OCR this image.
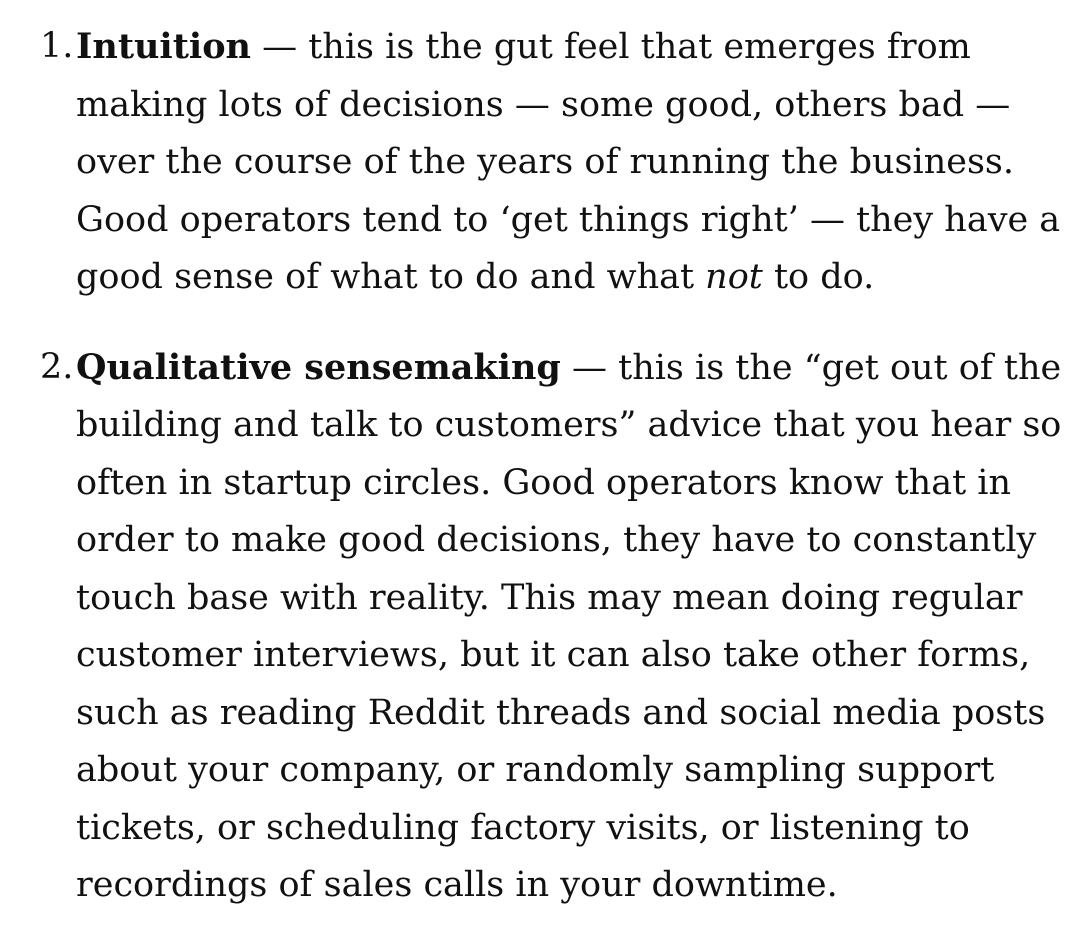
1. Intuition — this is the gut feel that emerges from making lots of decisions — some good, others bad — over the course of the years of running the business. Good operators tend to ‘get things right’ — they have a good sense of what to do and what not to do.
2. Qualitative sensemaking — this is the “get out of the building and talk to customers” advice that you hear so often in startup circles. Good operators know that in order to make good decisions, they have to constantly touch base with reality. This may mean doing regular customer interviews, but it can also take other forms, such as reading Reddit threads and social media posts about your company, or randomly sampling support tickets, or scheduling factory visits, or listening to recordings of sales calls in your downtime.
